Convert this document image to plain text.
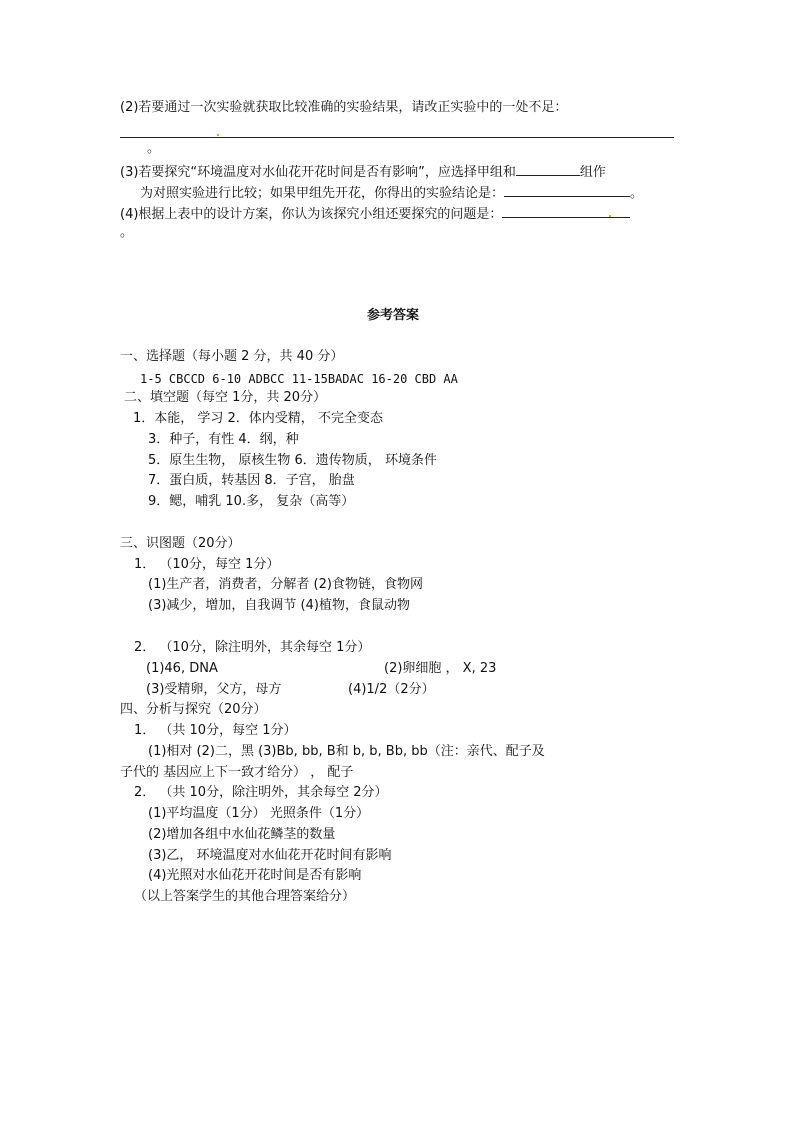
(2)若要通过一次实验就获取比较准确的实验结果，请改正实验中的一处不足：
。
(3)若要探究“环境温度对水仙花开花时间是否有影响”，应选择甲组和	组作
为对照实验进行比较；如果甲组先开花，你得出的实验结论是：	。
(4)根据上表中的设计方案，你认为该探究小组还要探究的问题是：
。
参考答案
一、选择题（每小题 2 分，共 40 分）
1-5 CBCCD 6-10 ADBCC 11-15BADAC 16-20 CBD AA
二、填空题（每空 1分，共 20分）
1．本能， 学习 2．体内受精， 不完全变态
3．种子，有性 4．纲，种
5．原生生物， 原核生物 6．遗传物质， 环境条件
7．蛋白质，转基因 8．子宫， 胎盘
9．鳃，哺乳 10.多， 复杂（高等）
三、识图题（20分）
1． （10分，每空 1分）
(1)生产者，消费者，分解者 (2)食物链，食物网
(3)减少，增加，自我调节 (4)植物，食鼠动物
2． （10分，除注明外，其余每空 1分）
(1)46, DNA	(2)卵细胞 ， X, 23
(3)受精卵，父方，母方	(4)1/2（2分）
四、分析与探究（20分）
1． （共 10分，每空 1分）
(1)相对 (2)二，黑 (3)Bb, bb, B和 b, b, Bb, bb（注：亲代、配子及
子代的 基因应上下一致才给分） ， 配子
2． （共 10分，除注明外，其余每空 2分）
(1)平均温度（1分） 光照条件（1分）
(2)增加各组中水仙花鳞茎的数量
(3)乙， 环境温度对水仙花开花时间有影响
(4)光照对水仙花开花时间是否有影响
（以上答案学生的其他合理答案给分）
